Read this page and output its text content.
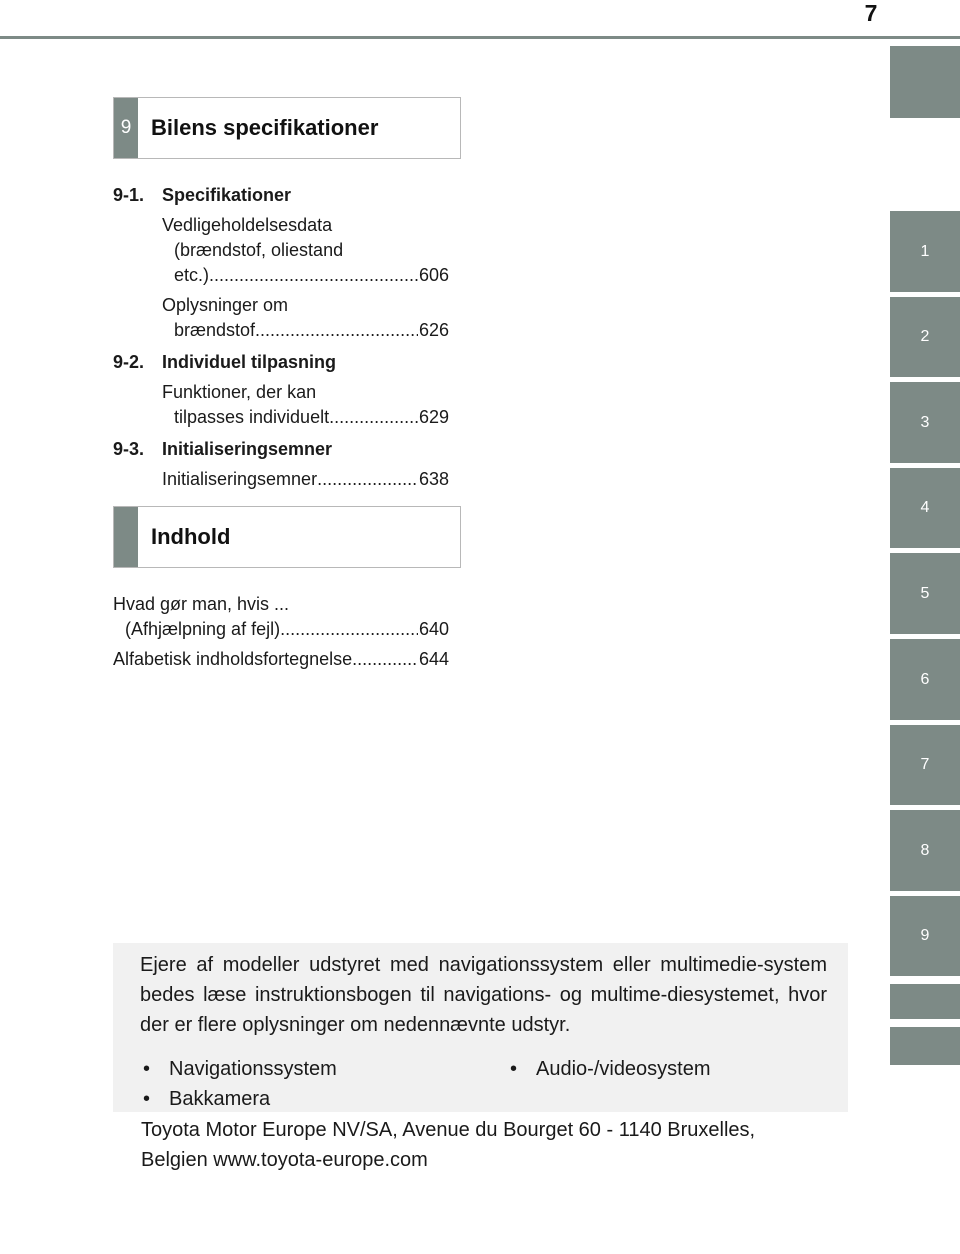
7
1
2
3
4
5
6
7
8
9
9 Bilens specifikationer
9-1. Specifikationer
Vedligeholdelsesdata
(brændstof, oliestand
etc.) .....	606
Oplysninger om
brændstof .....	626
9-2. Individuel tilpasning
Funktioner, der kan
tilpasses individuelt .....	629
9-3. Initialiseringsemner
Initialiseringsemner .....	638
Indhold
Hvad gør man, hvis ...
(Afhjælpning af fejl) .....	640
Alfabetisk indholdsfortegnelse .....	644
Ejere af modeller udstyret med navigationssystem eller multimedie-system bedes læse instruktionsbogen til navigations- og multime-diesystemet, hvor der er flere oplysninger om nedennævnte udstyr.
• Navigationssystem	• Audio-/videosystem
• Bakkamera
Toyota Motor Europe NV/SA, Avenue du Bourget 60 - 1140 Bruxelles,
Belgien www.toyota-europe.com
